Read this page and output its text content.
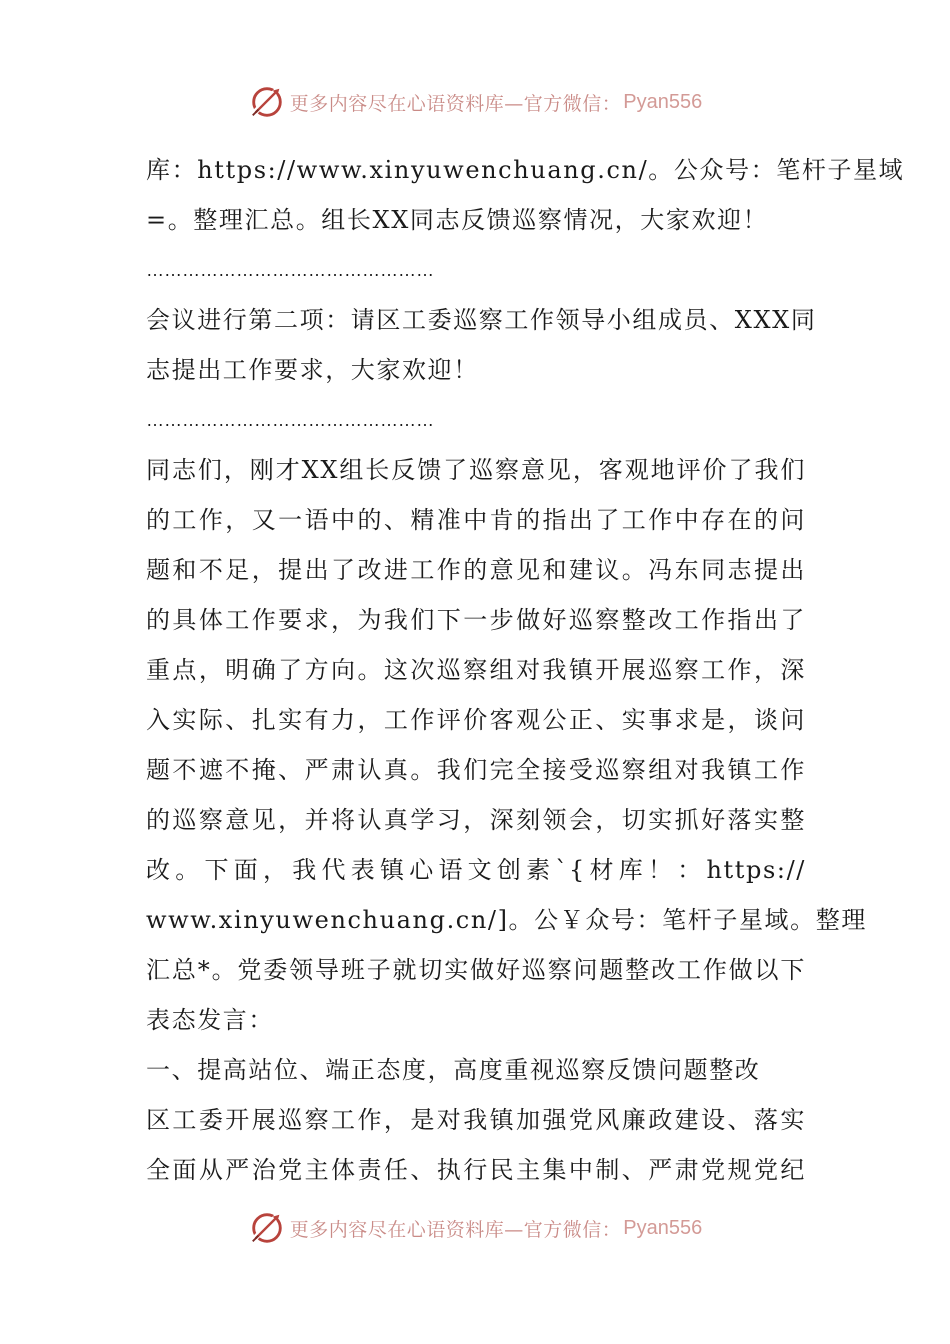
更多内容尽在心语资料库—官方微信： Pyan556
库：https://www.xinyuwenchuang.cn/。公众号：笔杆子星域
=。整理汇总。组长XX同志反馈巡察情况，大家欢迎！
…………………………………………
会议进行第二项：请区工委巡察工作领导小组成员、XXX同
志提出工作要求，大家欢迎！
…………………………………………
同志们，刚才XX组长反馈了巡察意见，客观地评价了我们
的工作，又一语中的、精准中肯的指出了工作中存在的问
题和不足，提出了改进工作的意见和建议。冯东同志提出
的具体工作要求，为我们下一步做好巡察整改工作指出了
重点，明确了方向。这次巡察组对我镇开展巡察工作，深
入实际、扎实有力，工作评价客观公正、实事求是，谈问
题不遮不掩、严肃认真。我们完全接受巡察组对我镇工作
的巡察意见，并将认真学习，深刻领会，切实抓好落实整
改。下面，我代表镇心语文创素`{材库！：https://
www.xinyuwenchuang.cn/]。公￥众号：笔杆子星域。整理
汇总*。党委领导班子就切实做好巡察问题整改工作做以下
表态发言：
一、提高站位、端正态度，高度重视巡察反馈问题整改
区工委开展巡察工作，是对我镇加强党风廉政建设、落实
全面从严治党主体责任、执行民主集中制、严肃党规党纪
更多内容尽在心语资料库—官方微信： Pyan556
